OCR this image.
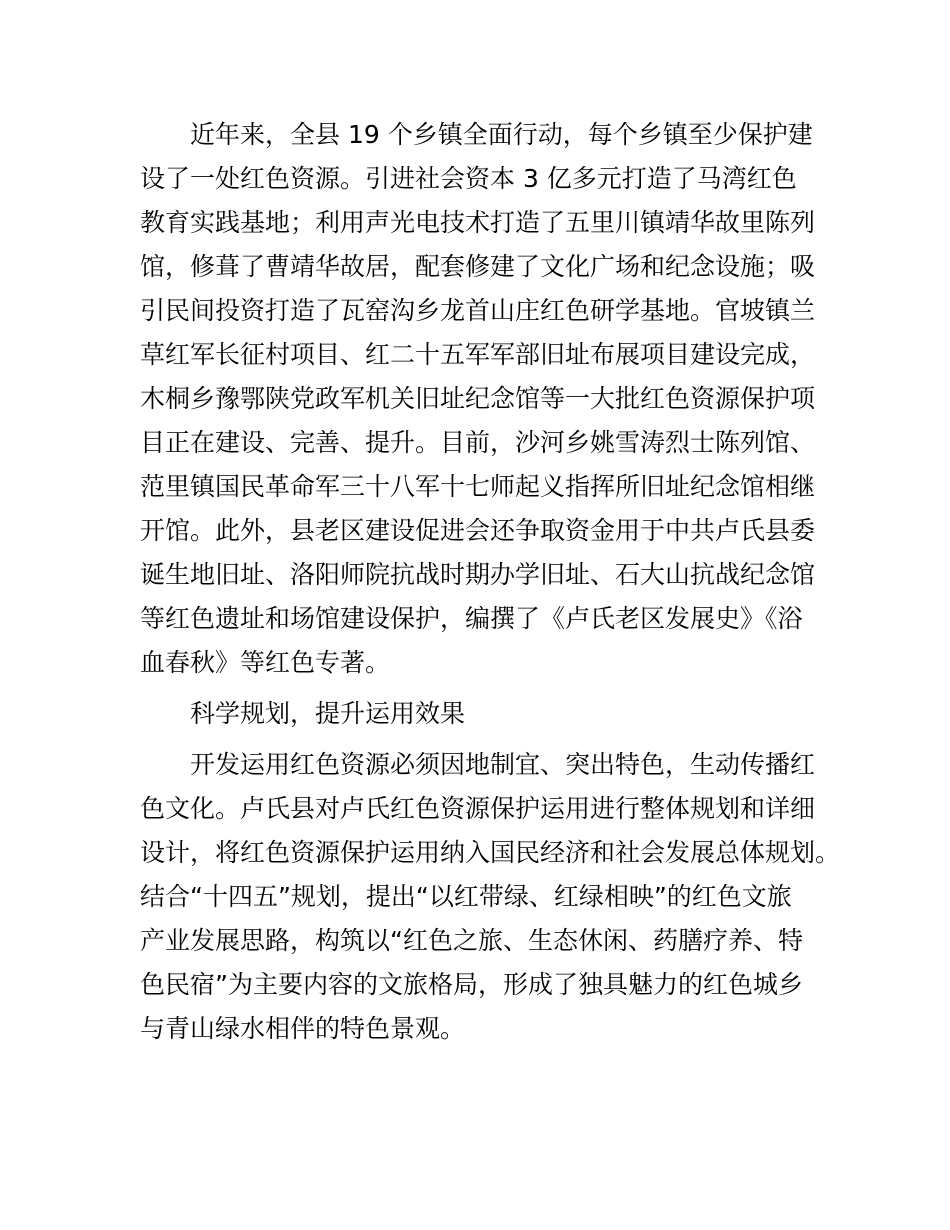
近年来，全县 19 个乡镇全面行动，每个乡镇至少保护建
设了一处红色资源。引进社会资本 3 亿多元打造了马湾红色
教育实践基地；利用声光电技术打造了五里川镇靖华故里陈列
馆，修葺了曹靖华故居，配套修建了文化广场和纪念设施；吸
引民间投资打造了瓦窑沟乡龙首山庄红色研学基地。官坡镇兰
草红军长征村项目、红二十五军军部旧址布展项目建设完成，
木桐乡豫鄂陕党政军机关旧址纪念馆等一大批红色资源保护项
目正在建设、完善、提升。目前，沙河乡姚雪涛烈士陈列馆、
范里镇国民革命军三十八军十七师起义指挥所旧址纪念馆相继
开馆。此外，县老区建设促进会还争取资金用于中共卢氏县委
诞生地旧址、洛阳师院抗战时期办学旧址、石大山抗战纪念馆
等红色遗址和场馆建设保护，编撰了《卢氏老区发展史》《浴
血春秋》等红色专著。
科学规划，提升运用效果
开发运用红色资源必须因地制宜、突出特色，生动传播红
色文化。卢氏县对卢氏红色资源保护运用进行整体规划和详细
设计，将红色资源保护运用纳入国民经济和社会发展总体规划。
结合“十四五”规划，提出“以红带绿、红绿相映”的红色文旅
产业发展思路，构筑以“红色之旅、生态休闲、药膳疗养、特
色民宿”为主要内容的文旅格局，形成了独具魅力的红色城乡
与青山绿水相伴的特色景观。
